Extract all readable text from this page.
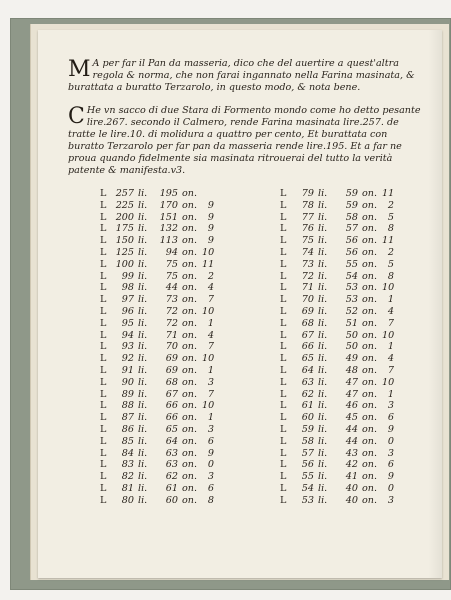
M A per far il Pan da masseria, dico che del auertire a quest'altra regola & norma, che non farai ingannato nella Farina masinata, & burattata a buratto Terzarolo, in questo modo, & nota bene.

C He vn sacco di due Stara di Formento mondo come ho detto pesante lire.267. secondo il Calmero, rende Farina masinata lire.257. de tratte le lire.10. di molidura a quattro per cento, Et burattata con buratto Terzarolo per far pan da masseria rende lire.195. Et a far ne proua quando fidelmente sia masinata ritrouerai del tutto la verità patente & manifesta.v3.

L 257 li.	195 on.
L 225 li.	170 on.	9
L 200 li.	151 on.	9
L 175 li.	132 on.	9
L 150 li.	113 on.	9
L 125 li.	94 on. 10
L 100 li.	75 on. 11
L	99 li.	75 on.	2
L	98 li.	44 on.	4
L	97 li.	73 on.	7
L	96 li.	72 on. 10
L	95 li.	72 on.	1
L	94 li.	71 on.	4
L	93 li.	70 on.	7
L	92 li.	69 on. 10
L	91 li.	69 on.	1
L	90 li.	68 on.	3
L	89 li.	67 on.	7
L	88 li.	66 on. 10
L	87 li.	66 on.	1
L	86 li.	65 on.	3
L	85 li.	64 on.	6
L	84 li.	63 on.	9
L	83 li.	63 on.	0
L	82 li.	62 on.	3
L	81 li.	61 on.	6
L	80 li.	60 on.	8
L	79 li.	59 on. 11
L	78 li.	59 on.	2
L	77 li.	58 on.	5
L	76 li.	57 on.	8
L	75 li.	56 on. 11
L	74 li.	56 on.	2
L	73 li.	55 on.	5
L	72 li.	54 on.	8
L	71 li.	53 on. 10
L	70 li.	53 on.	1
L	69 li.	52 on.	4
L	68 li.	51 on.	7
L	67 li.	50 on. 10
L	66 li.	50 on.	1
L	65 li.	49 on.	4
L	64 li.	48 on.	7
L	63 li.	47 on. 10
L	62 li.	47 on.	1
L	61 li.	46 on.	3
L	60 li.	45 on.	6
L	59 li.	44 on.	9
L	58 li.	44 on.	0
L	57 li.	43 on.	3
L	56 li.	42 on.	6
L	55 li.	41 on.	9
L	54 li.	40 on.	0
L	53 li.	40 on.	3
